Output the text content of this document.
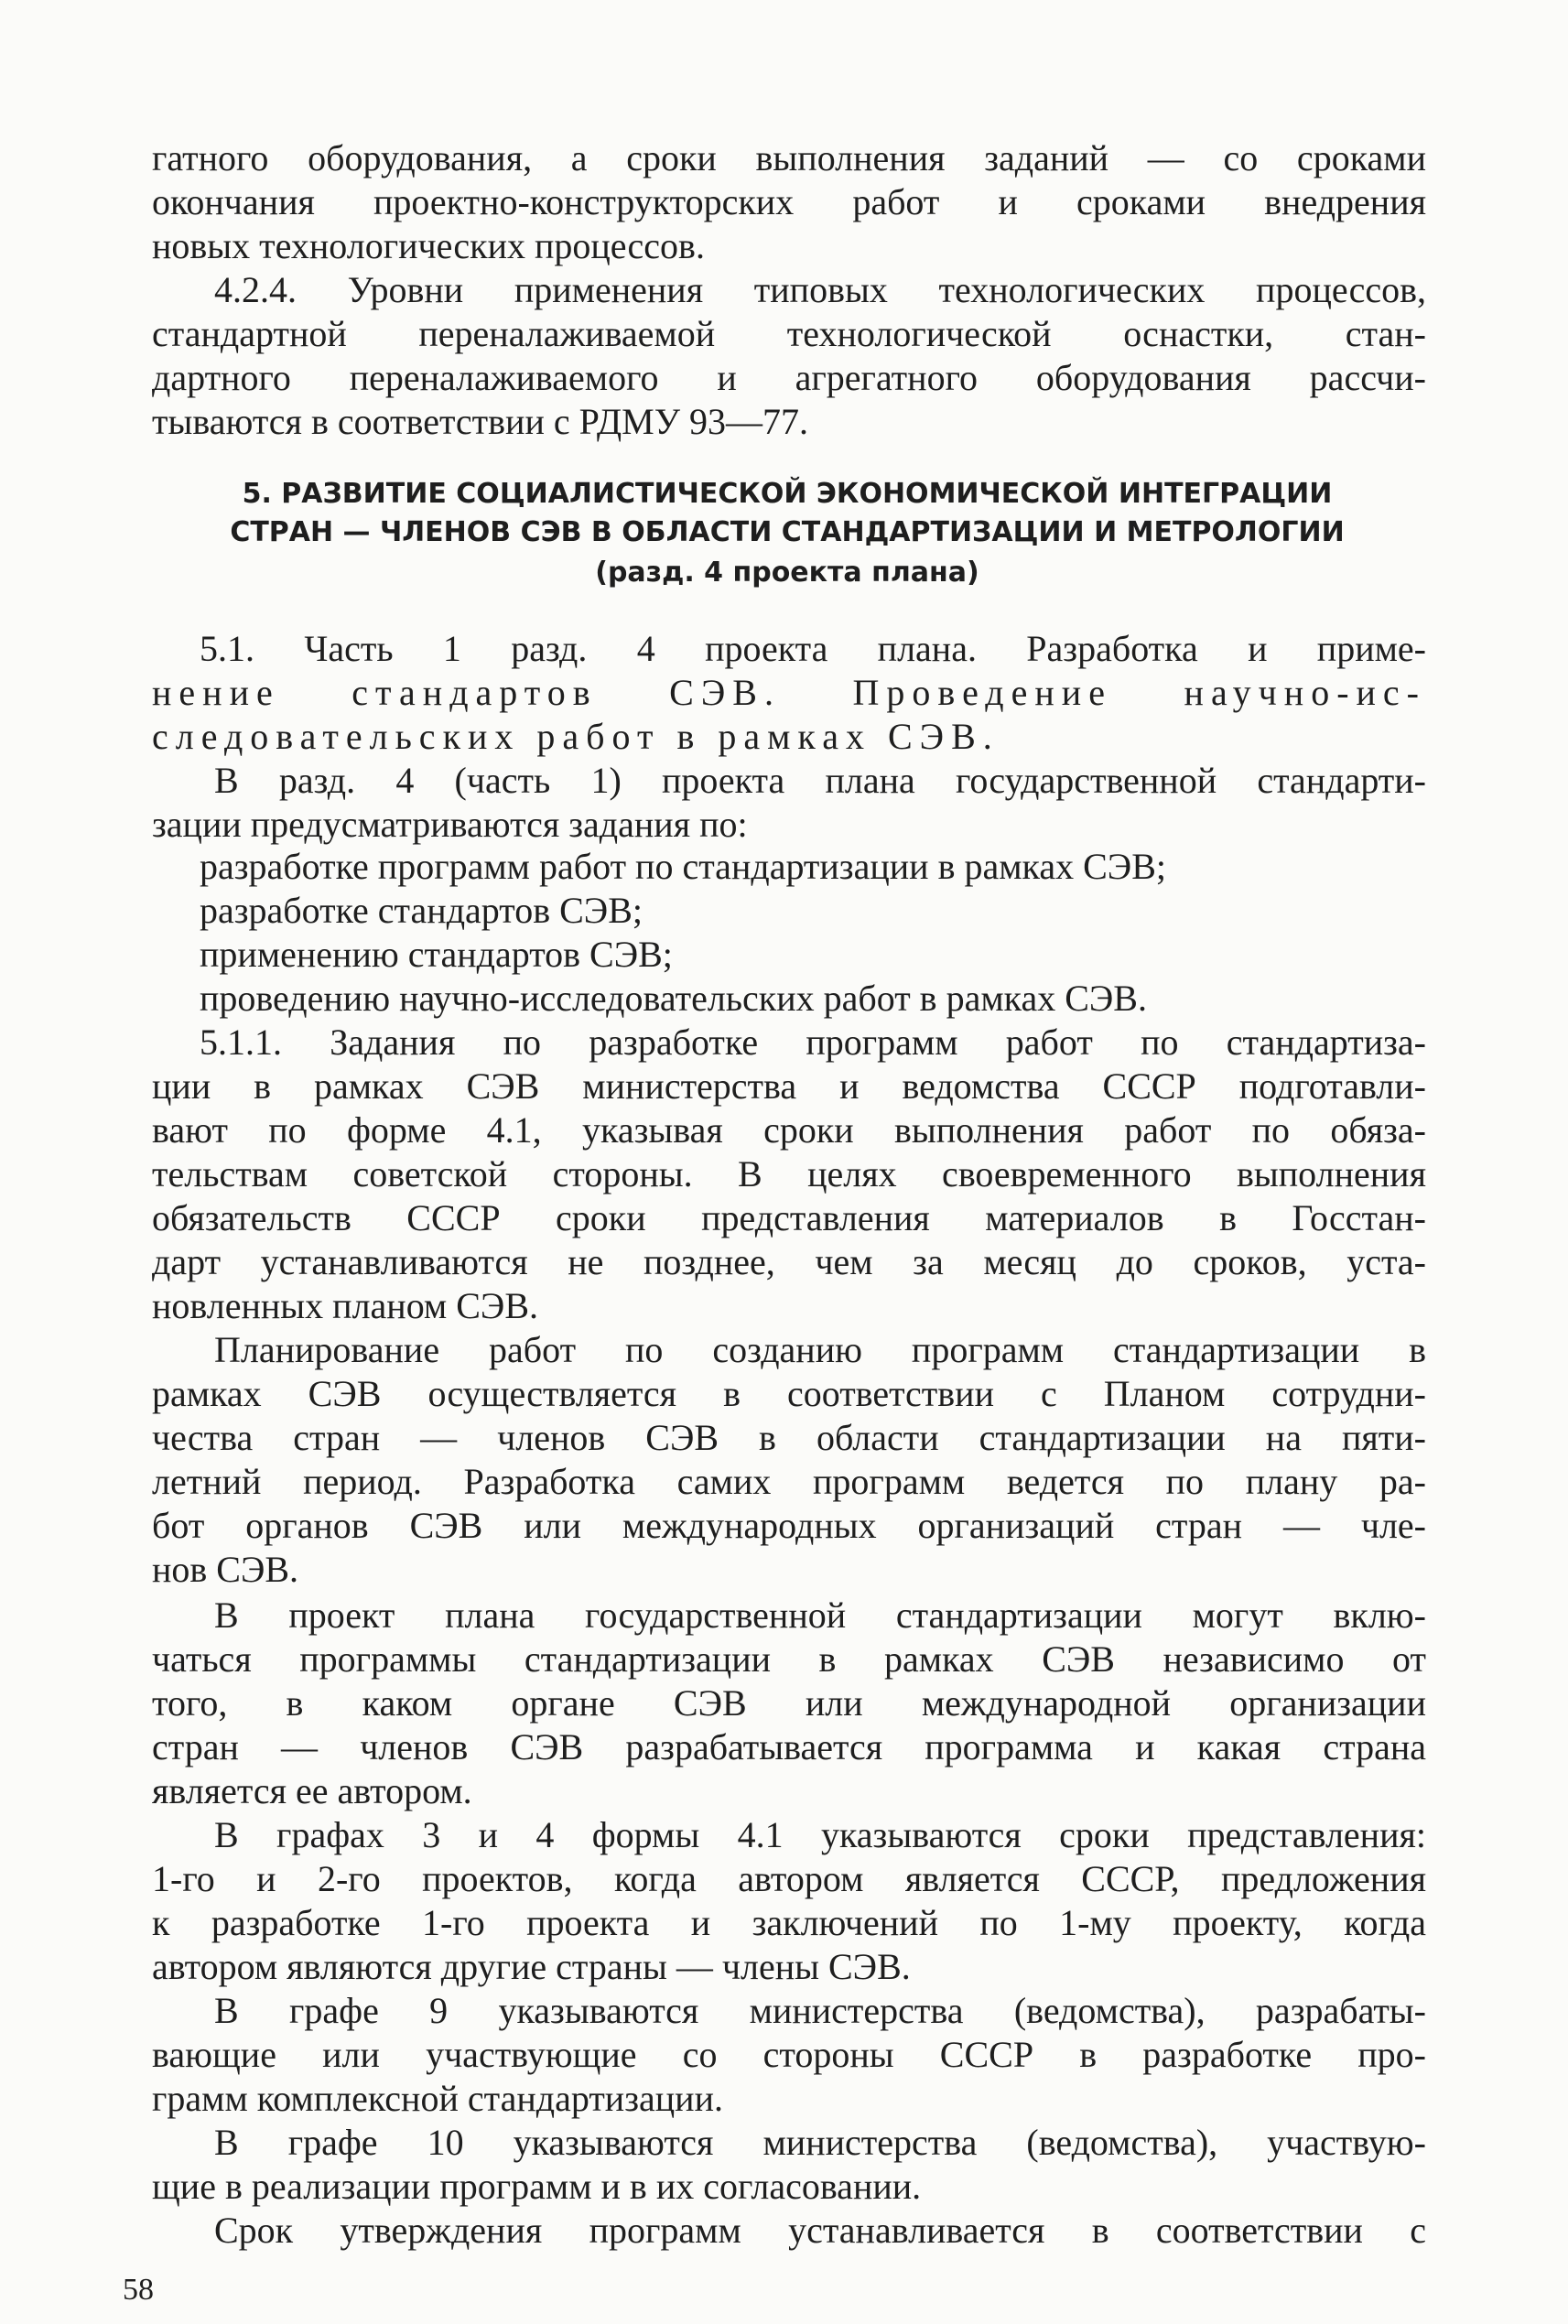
гатного оборудования, а сроки выполнения заданий — со сроками
окончания проектно-конструкторских работ и сроками внедрения
новых технологических процессов.
4.2.4. Уровни применения типовых технологических процессов,
стандартной переналаживаемой технологической оснастки, стан-
дартного переналаживаемого и агрегатного оборудования рассчи-
тываются в соответствии с РДМУ 93—77.
5. РАЗВИТИЕ СОЦИАЛИСТИЧЕСКОЙ ЭКОНОМИЧЕСКОЙ ИНТЕГРАЦИИ
СТРАН — ЧЛЕНОВ СЭВ В ОБЛАСТИ СТАНДАРТИЗАЦИИ И МЕТРОЛОГИИ
(разд. 4 проекта плана)
5.1. Часть 1 разд. 4 проекта плана. Разработка и приме-
нение стандартов СЭВ. Проведение научно-ис-
следовательских работ в рамках СЭВ.
В разд. 4 (часть 1) проекта плана государственной стандарти-
зации предусматриваются задания по:
разработке программ работ по стандартизации в рамках СЭВ;
разработке стандартов СЭВ;
применению стандартов СЭВ;
проведению научно-исследовательских работ в рамках СЭВ.
5.1.1. Задания по разработке программ работ по стандартиза-
ции в рамках СЭВ министерства и ведомства СССР подготавли-
вают по форме 4.1, указывая сроки выполнения работ по обяза-
тельствам советской стороны. В целях своевременного выполнения
обязательств СССР сроки представления материалов в Госстан-
дарт устанавливаются не позднее, чем за месяц до сроков, уста-
новленных планом СЭВ.
Планирование работ по созданию программ стандартизации в
рамках СЭВ осуществляется в соответствии с Планом сотрудни-
чества стран — членов СЭВ в области стандартизации на пяти-
летний период. Разработка самих программ ведется по плану ра-
бот органов СЭВ или международных организаций стран — чле-
нов СЭВ.
В проект плана государственной стандартизации могут вклю-
чаться программы стандартизации в рамках СЭВ независимо от
того, в каком органе СЭВ или международной организации
стран — членов СЭВ разрабатывается программа и какая страна
является ее автором.
В графах 3 и 4 формы 4.1 указываются сроки представления:
1-го и 2-го проектов, когда автором является СССР, предложения
к разработке 1-го проекта и заключений по 1-му проекту, когда
автором являются другие страны — члены СЭВ.
В графе 9 указываются министерства (ведомства), разрабаты-
вающие или участвующие со стороны СССР в разработке про-
грамм комплексной стандартизации.
В графе 10 указываются министерства (ведомства), участвую-
щие в реализации программ и в их согласовании.
Срок утверждения программ устанавливается в соответствии с
58
